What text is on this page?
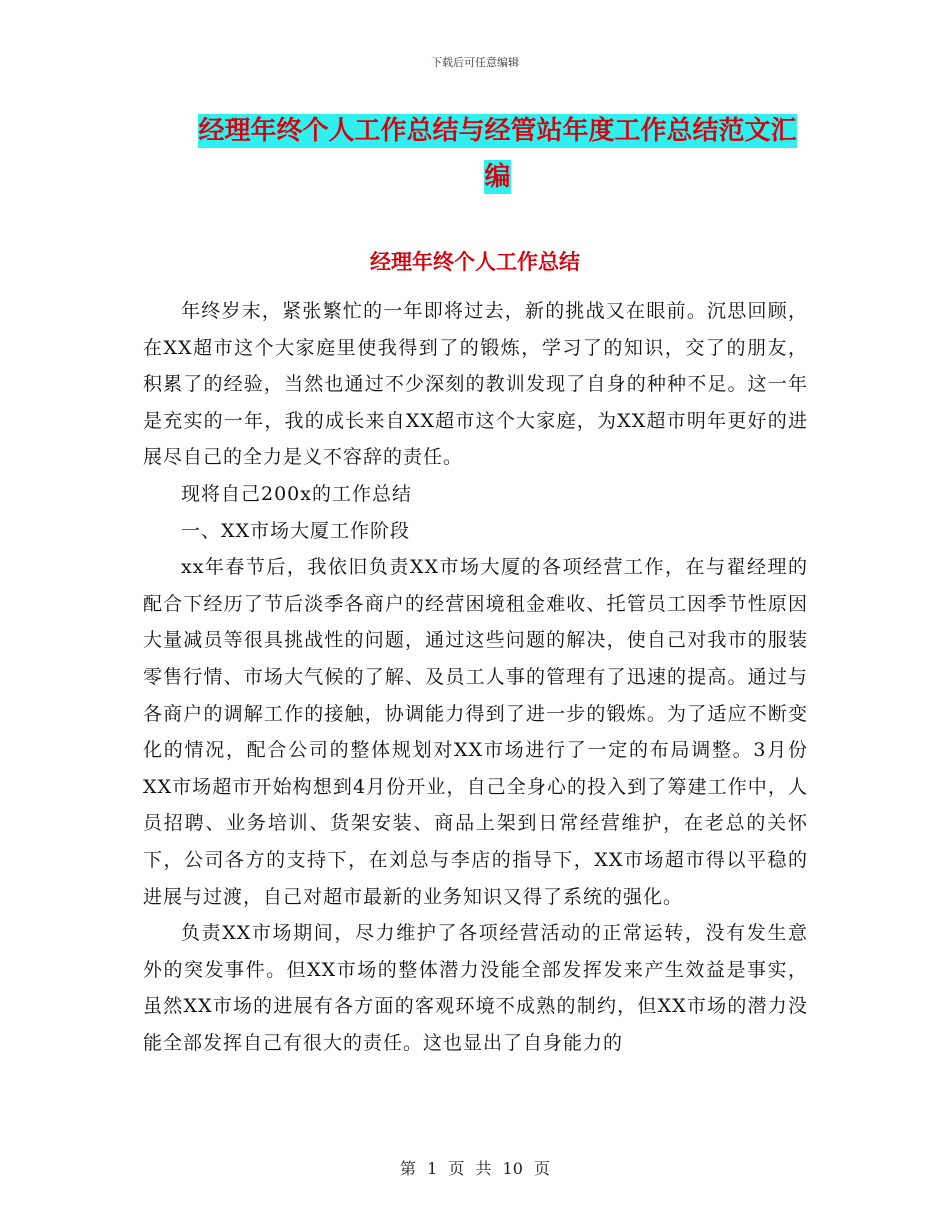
下载后可任意编辑
经理年终个人工作总结与经管站年度工作总结范文汇编
经理年终个人工作总结

年终岁末，紧张繁忙的一年即将过去，新的挑战又在眼前。沉思回顾，在XX超市这个大家庭里使我得到了的锻炼，学习了的知识，交了的朋友，积累了的经验，当然也通过不少深刻的教训发现了自身的种种不足。这一年是充实的一年，我的成长来自XX超市这个大家庭，为XX超市明年更好的进展尽自己的全力是义不容辞的责任。

现将自己200x的工作总结

一、XX市场大厦工作阶段

xx年春节后，我依旧负责XX市场大厦的各项经营工作，在与翟经理的配合下经历了节后淡季各商户的经营困境租金难收、托管员工因季节性原因大量减员等很具挑战性的问题，通过这些问题的解决，使自己对我市的服装零售行情、市场大气候的了解、及员工人事的管理有了迅速的提高。通过与各商户的调解工作的接触，协调能力得到了进一步的锻炼。为了适应不断变化的情况，配合公司的整体规划对XX市场进行了一定的布局调整。3月份XX市场超市开始构想到4月份开业，自己全身心的投入到了筹建工作中，人员招聘、业务培训、货架安装、商品上架到日常经营维护，在老总的关怀下，公司各方的支持下，在刘总与李店的指导下，XX市场超市得以平稳的进展与过渡，自己对超市最新的业务知识又得了系统的强化。

负责XX市场期间，尽力维护了各项经营活动的正常运转，没有发生意外的突发事件。但XX市场的整体潜力没能全部发挥发来产生效益是事实，虽然XX市场的进展有各方面的客观环境不成熟的制约，但XX市场的潜力没能全部发挥自己有很大的责任。这也显出了自身能力的

第 1 页 共 10 页
